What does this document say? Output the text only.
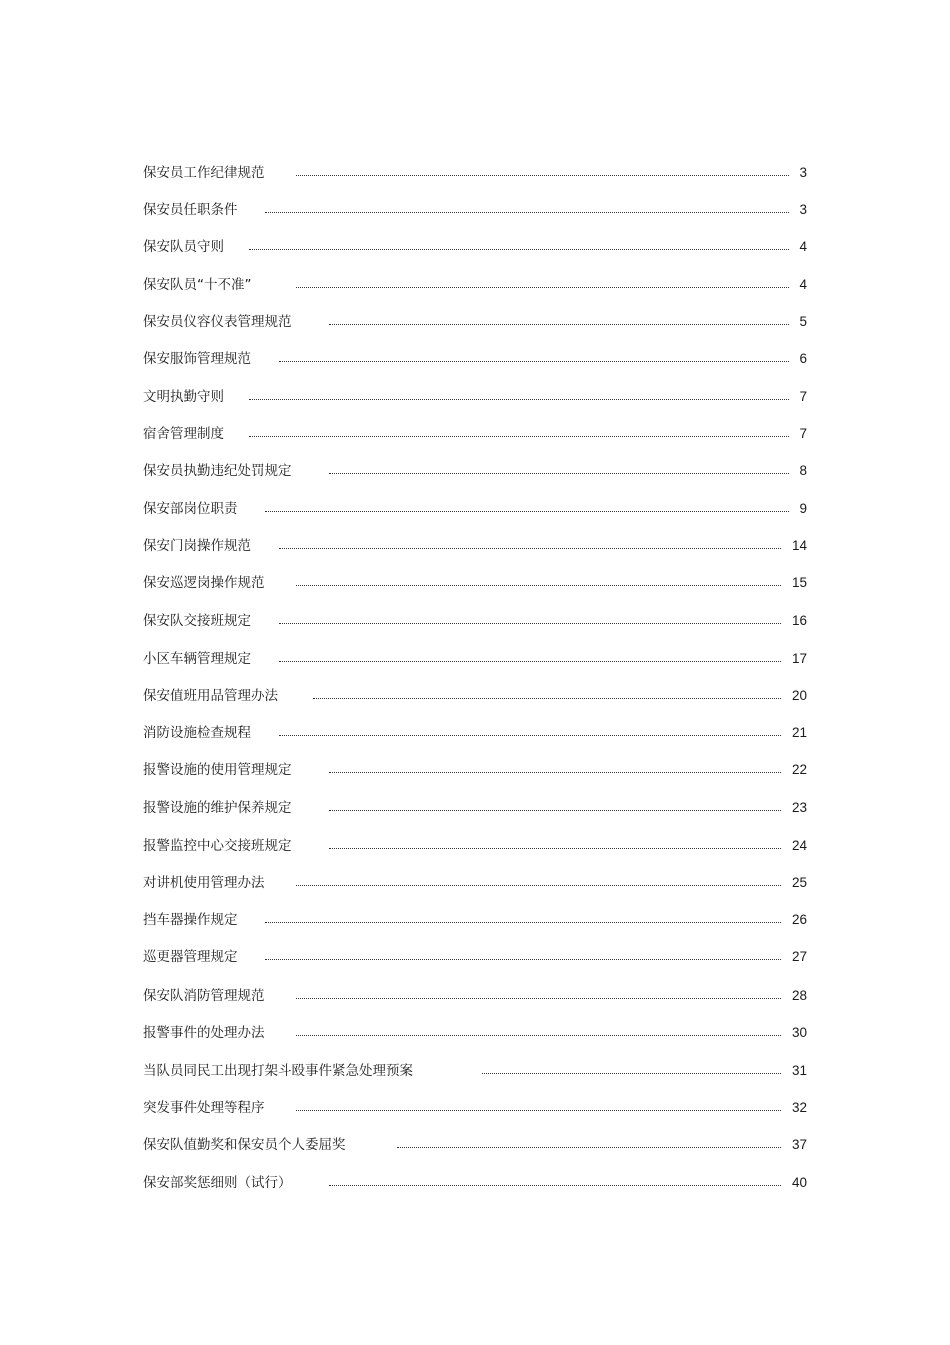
保安员工作纪律规范	3
保安员任职条件	3
保安队员守则	4
保安队员“十不准”	4
保安员仪容仪表管理规范	5
保安服饰管理规范	6
文明执勤守则	7
宿舍管理制度	7
保安员执勤违纪处罚规定	8
保安部岗位职责	9
保安门岗操作规范	14
保安巡逻岗操作规范	15
保安队交接班规定	16
小区车辆管理规定	17
保安值班用品管理办法	20
消防设施检查规程	21
报警设施的使用管理规定	22
报警设施的维护保养规定	23
报警监控中心交接班规定	24
对讲机使用管理办法	25
挡车器操作规定	26
巡更器管理规定	27
保安队消防管理规范	28
报警事件的处理办法	30
当队员同民工出现打架斗殴事件紧急处理预案	31
突发事件处理等程序	32
保安队值勤奖和保安员个人委屈奖	37
保安部奖惩细则（试行）	40
